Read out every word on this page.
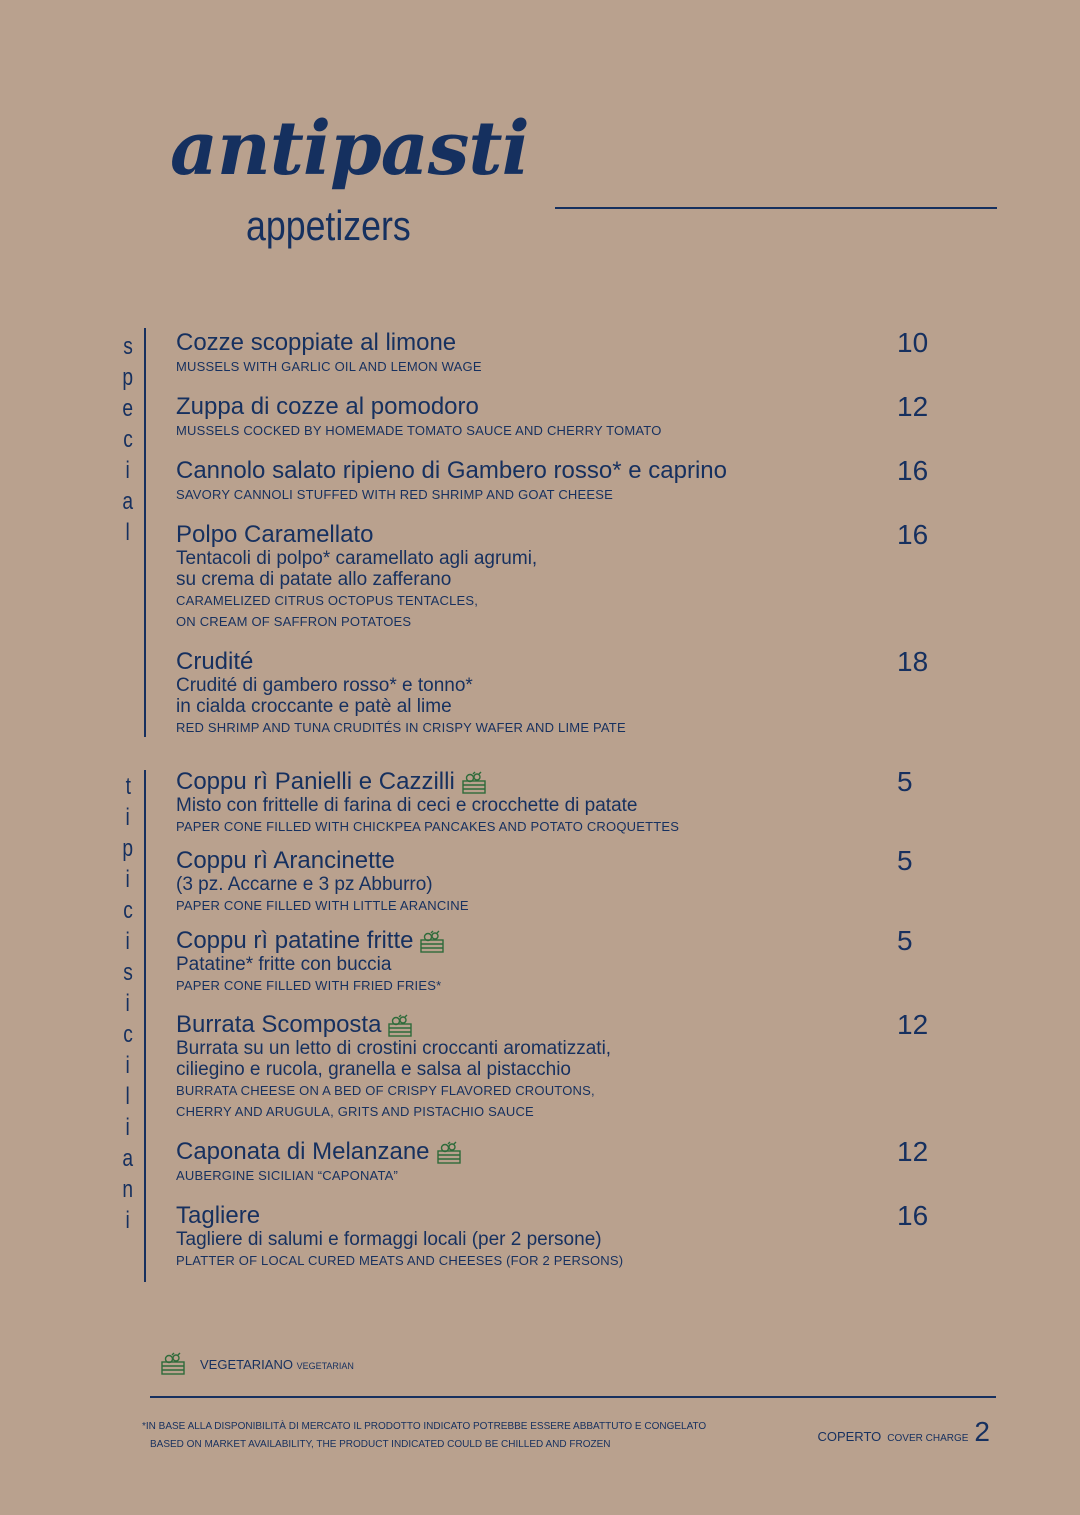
antipasti
appetizers
s
p
e
c
i
a
l
t
i
p
i
c
i
s
i
c
i
l
i
a
n
i
Cozze scoppiate al limone
MUSSELS WITH GARLIC OIL AND LEMON WAGE
10
Zuppa di cozze al pomodoro
MUSSELS COCKED BY HOMEMADE TOMATO SAUCE AND CHERRY TOMATO
12
Cannolo salato ripieno di Gambero rosso* e caprino
SAVORY CANNOLI STUFFED WITH RED SHRIMP AND GOAT CHEESE
16
Polpo Caramellato
Tentacoli di polpo* caramellato agli agrumi,
su crema di patate allo zafferano
CARAMELIZED CITRUS OCTOPUS TENTACLES,
ON CREAM OF SAFFRON POTATOES
16
Crudité
Crudité di gambero rosso* e tonno*
in cialda croccante e patè al lime
RED SHRIMP AND TUNA CRUDITÉS IN CRISPY WAFER AND LIME PATE
18
Coppu rì Panielli e Cazzilli
Misto con frittelle di farina di ceci e crocchette di patate
PAPER CONE FILLED WITH CHICKPEA PANCAKES AND POTATO CROQUETTES
5
Coppu rì Arancinette
(3 pz. Accarne e 3 pz Abburro)
PAPER CONE FILLED WITH LITTLE ARANCINE
5
Coppu rì patatine fritte
Patatine* fritte con buccia
PAPER CONE FILLED WITH FRIED FRIES*
5
Burrata Scomposta
Burrata su un letto di crostini croccanti aromatizzati,
ciliegino e rucola, granella e salsa al pistacchio
BURRATA CHEESE ON A BED OF CRISPY FLAVORED CROUTONS,
CHERRY AND ARUGULA, GRITS AND PISTACHIO SAUCE
12
Caponata di Melanzane
AUBERGINE SICILIAN “CAPONATA”
12
Tagliere
Tagliere di salumi e formaggi locali (per 2 persone)
PLATTER OF LOCAL CURED MEATS AND CHEESES (FOR 2 PERSONS)
16
VEGETARIANO VEGETARIAN
*IN BASE ALLA DISPONIBILITÀ DI MERCATO IL PRODOTTO INDICATO POTREBBE ESSERE ABBATTUTO E CONGELATO
BASED ON MARKET AVAILABILITY, THE PRODUCT INDICATED COULD BE CHILLED AND FROZEN
COPERTO COVER CHARGE 2
